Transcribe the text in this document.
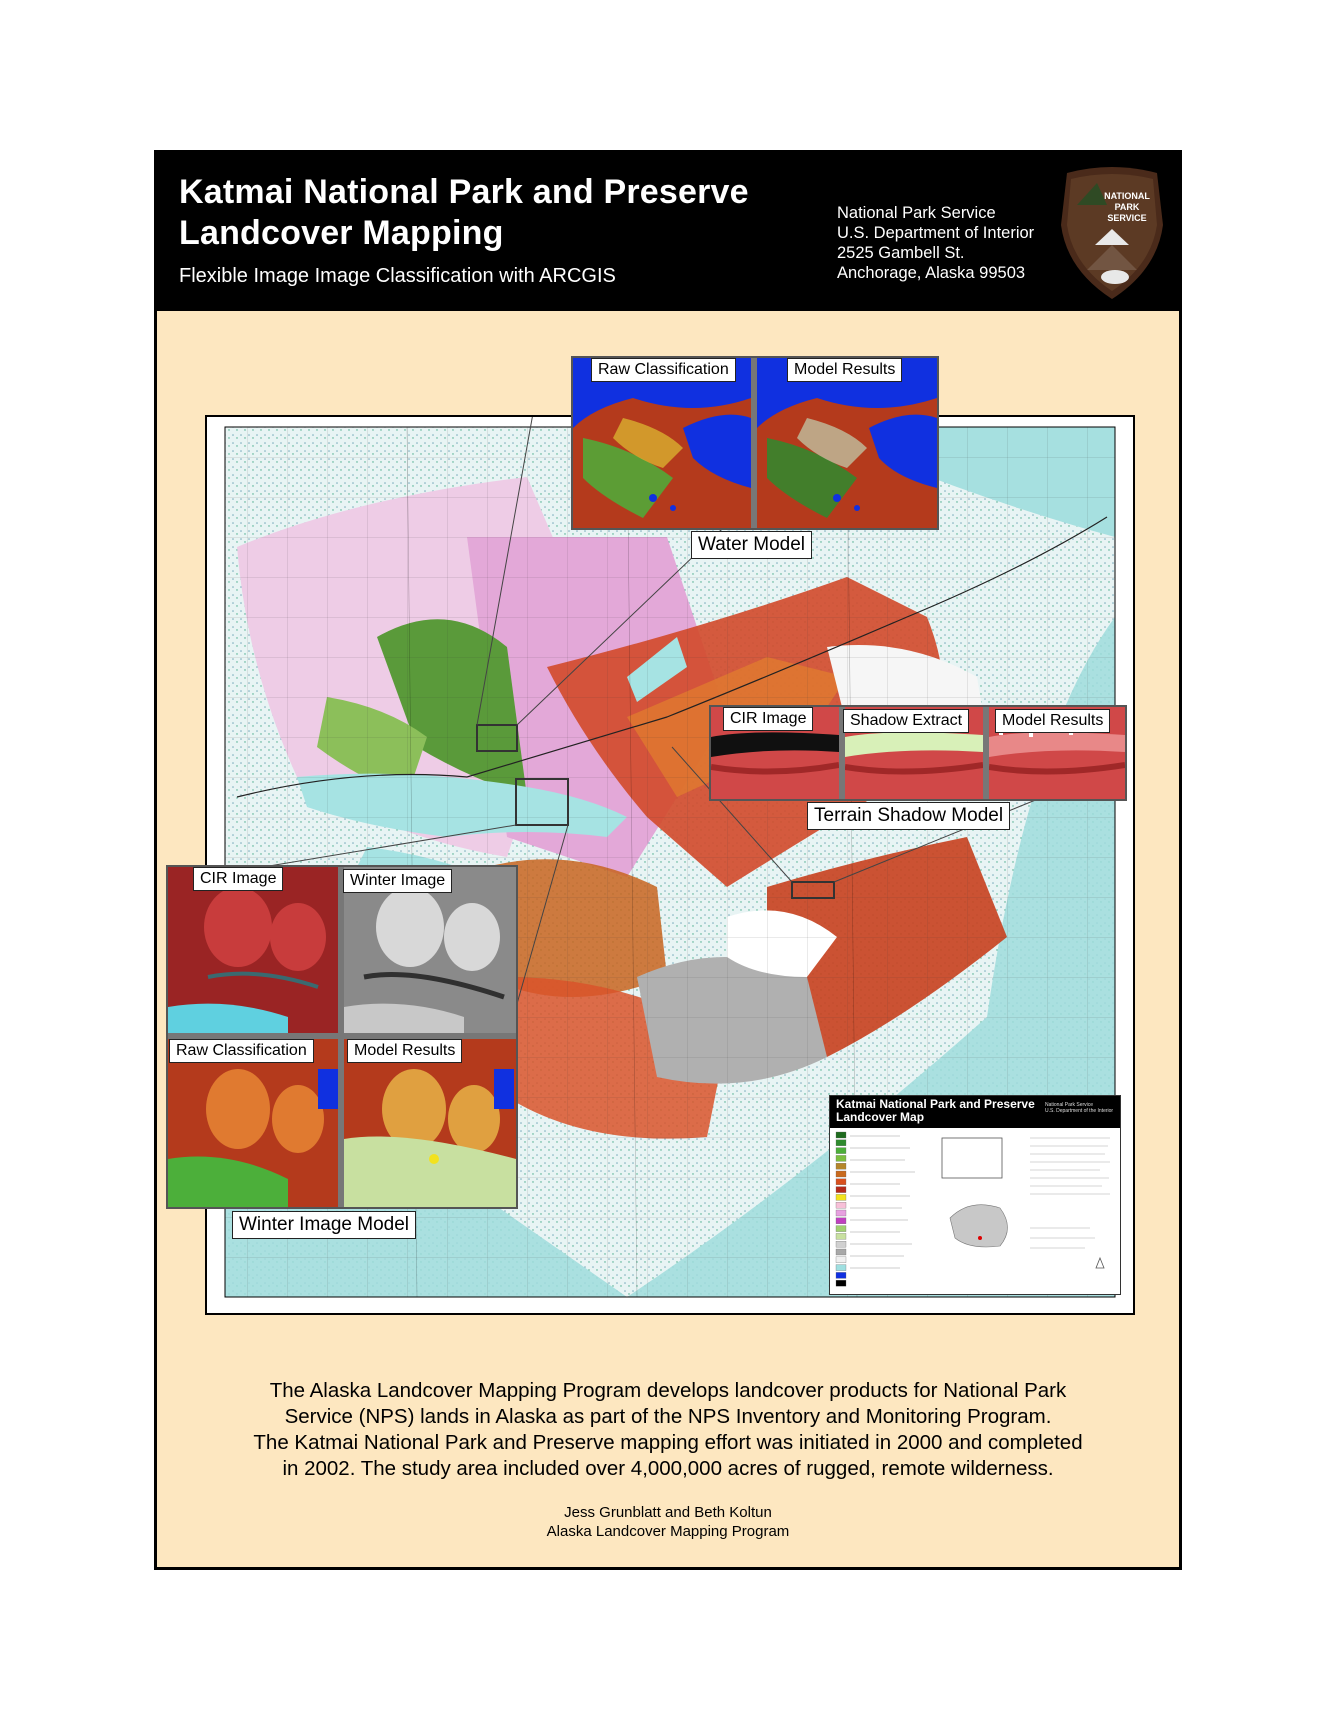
Katmai National Park and Preserve
Landcover Mapping
Flexible Image Image Classification with ARCGIS
National Park Service
U.S. Department of Interior
2525 Gambell St.
Anchorage, Alaska 99503
NATIONAL
PARK
SERVICE
Raw Classification	Model Results
Water Model
CIR Image	Shadow Extract	Model Results
Terrain Shadow Model
CIR Image	Winter Image
Raw Classification	Model Results
Winter Image Model
Katmai National Park and Preserve
Landcover Map
National Park Service
U.S. Department of the Interior
The Alaska Landcover Mapping Program develops landcover products for National Park
Service (NPS) lands in Alaska as part of the NPS Inventory and Monitoring Program.
The Katmai National Park and Preserve mapping effort was initiated in 2000 and completed
in 2002. The study area included over 4,000,000 acres of rugged, remote wilderness.
Jess Grunblatt and Beth Koltun
Alaska Landcover Mapping Program
